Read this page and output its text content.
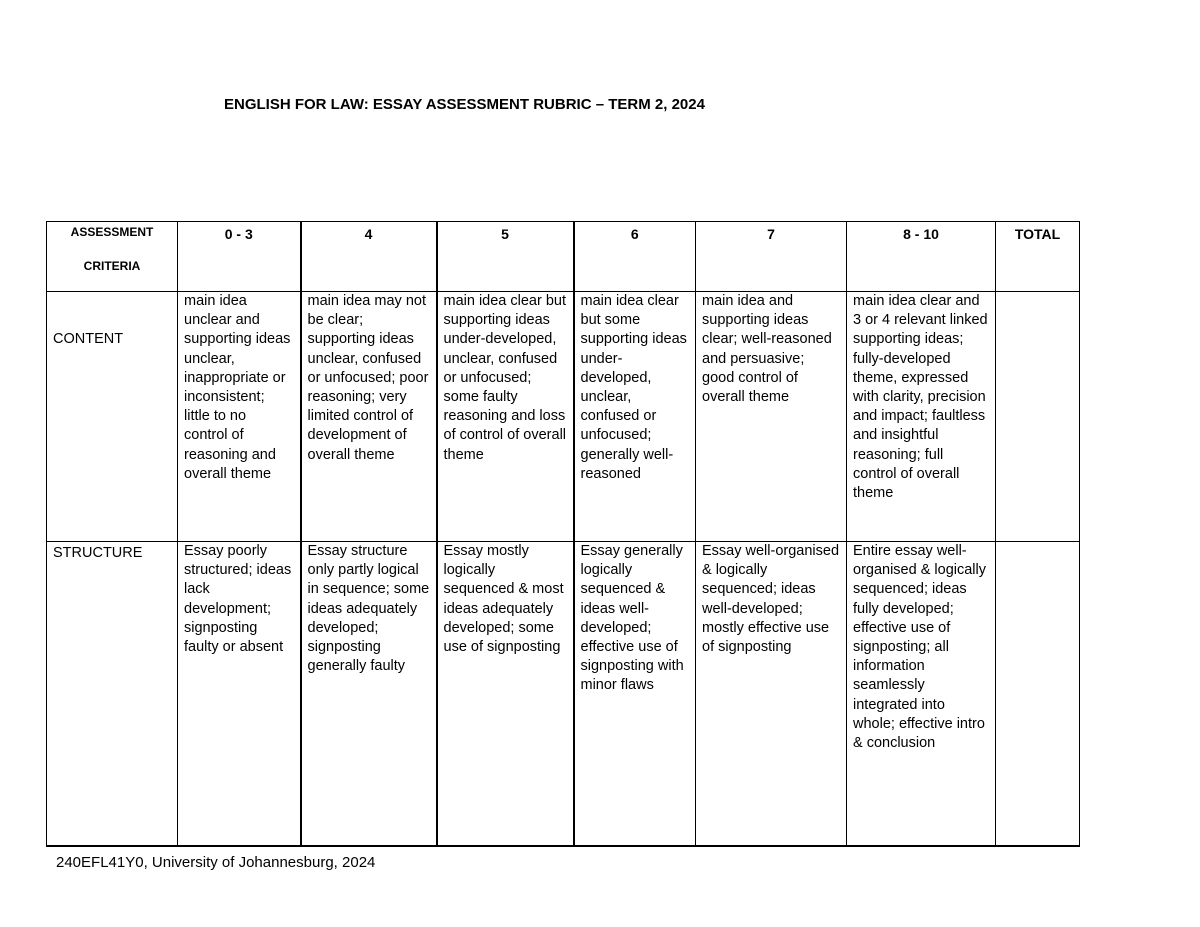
ENGLISH FOR LAW: ESSAY ASSESSMENT RUBRIC – TERM 2, 2024
ASSESSMENT
CRITERIA	0 - 3	4	5	6	7	8 - 10	TOTAL
CONTENT	main idea unclear and supporting ideas unclear, inappropriate or inconsistent; little to no control of reasoning and overall theme	main idea may not be clear; supporting ideas unclear, confused or unfocused; poor reasoning; very limited control of development of overall theme	main idea clear but supporting ideas under-developed, unclear, confused or unfocused; some faulty reasoning and loss of control of overall theme	main idea clear but some supporting ideas under-developed, unclear, confused or unfocused; generally well-reasoned	main idea and supporting ideas clear; well-reasoned and persuasive; good control of overall theme	main idea clear and 3 or 4 relevant linked supporting ideas; fully-developed theme, expressed with clarity, precision and impact; faultless and insightful reasoning; full control of overall theme	
STRUCTURE	Essay poorly structured; ideas lack development; signposting faulty or absent	Essay structure only partly logical in sequence; some ideas adequately developed; signposting generally faulty	Essay mostly logically sequenced & most ideas adequately developed; some use of signposting	Essay generally logically sequenced & ideas well-developed; effective use of signposting with minor flaws	Essay well-organised & logically sequenced; ideas well-developed; mostly effective use of signposting	Entire essay well-organised & logically sequenced; ideas fully developed; effective use of signposting; all information seamlessly integrated into whole; effective intro & conclusion	

240EFL41Y0, University of Johannesburg, 2024
